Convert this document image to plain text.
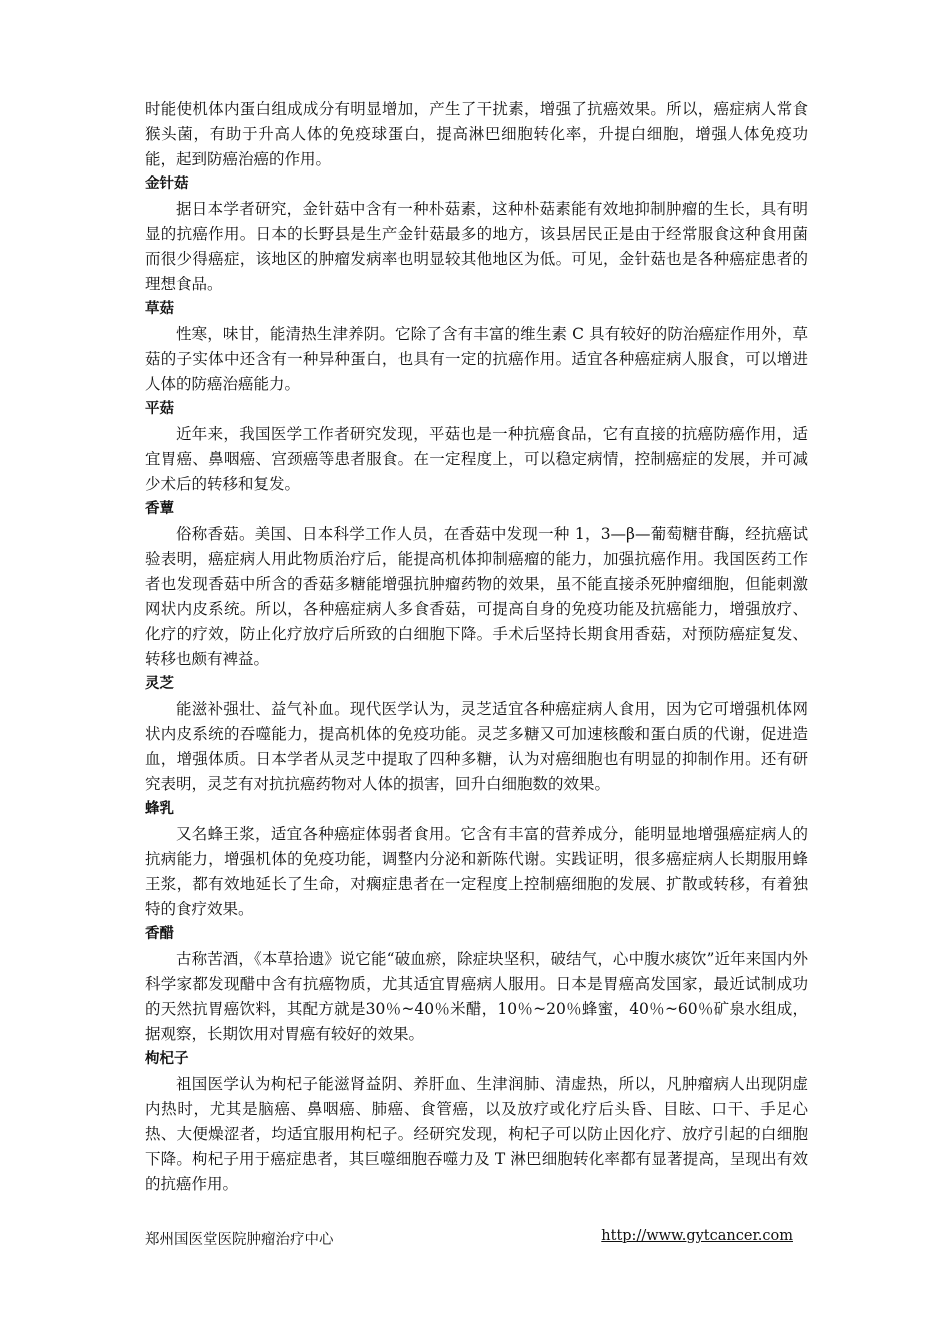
时能使机体内蛋白组成成分有明显增加，产生了干扰素，增强了抗癌效果。所以，癌症病人常食猴头菌，有助于升高人体的免疫球蛋白，提高淋巴细胞转化率，升提白细胞，增强人体免疫功能，起到防癌治癌的作用。

金针菇

据日本学者研究，金针菇中含有一种朴菇素，这种朴菇素能有效地抑制肿瘤的生长，具有明显的抗癌作用。日本的长野县是生产金针菇最多的地方，该县居民正是由于经常服食这种食用菌而很少得癌症，该地区的肿瘤发病率也明显较其他地区为低。可见，金针菇也是各种癌症患者的理想食品。

草菇

性寒，味甘，能清热生津养阴。它除了含有丰富的维生素 C 具有较好的防治癌症作用外，草菇的子实体中还含有一种异种蛋白，也具有一定的抗癌作用。适宜各种癌症病人服食，可以增进人体的防癌治癌能力。

平菇

近年来，我国医学工作者研究发现，平菇也是一种抗癌食品，它有直接的抗癌防癌作用，适宜胃癌、鼻咽癌、宫颈癌等患者服食。在一定程度上，可以稳定病情，控制癌症的发展，并可减少术后的转移和复发。

香蕈

俗称香菇。美国、日本科学工作人员，在香菇中发现一种 1，3—β—葡萄糖苷酶，经抗癌试验表明，癌症病人用此物质治疗后，能提高机体抑制癌瘤的能力，加强抗癌作用。我国医药工作者也发现香菇中所含的香菇多糖能增强抗肿瘤药物的效果，虽不能直接杀死肿瘤细胞，但能刺激网状内皮系统。所以，各种癌症病人多食香菇，可提高自身的免疫功能及抗癌能力，增强放疗、化疗的疗效，防止化疗放疗后所致的白细胞下降。手术后坚持长期食用香菇，对预防癌症复发、转移也颇有裨益。

灵芝

能滋补强壮、益气补血。现代医学认为，灵芝适宜各种癌症病人食用，因为它可增强机体网状内皮系统的吞噬能力，提高机体的免疫功能。灵芝多糖又可加速核酸和蛋白质的代谢，促进造血，增强体质。日本学者从灵芝中提取了四种多糖，认为对癌细胞也有明显的抑制作用。还有研究表明，灵芝有对抗抗癌药物对人体的损害，回升白细胞数的效果。

蜂乳

又名蜂王浆，适宜各种癌症体弱者食用。它含有丰富的营养成分，能明显地增强癌症病人的抗病能力，增强机体的免疫功能，调整内分泌和新陈代谢。实践证明，很多癌症病人长期服用蜂王浆，都有效地延长了生命，对瘸症患者在一定程度上控制癌细胞的发展、扩散或转移，有着独特的食疗效果。

香醋

古称苦酒，《本草拾遗》说它能“破血瘀，除症块坚积，破结气，心中腹水痰饮”近年来国内外科学家都发现醋中含有抗癌物质，尤其适宜胃癌病人服用。日本是胃癌高发国家，最近试制成功的天然抗胃癌饮料，其配方就是30％~40％米醋，10％~20％蜂蜜，40％~60％矿泉水组成，据观察，长期饮用对胃癌有较好的效果。

枸杞子

祖国医学认为枸杞子能滋肾益阴、养肝血、生津润肺、清虚热，所以，凡肿瘤病人出现阴虚内热时，尤其是脑癌、鼻咽癌、肺癌、食管癌，以及放疗或化疗后头昏、目眩、口干、手足心热、大便燥涩者，均适宜服用枸杞子。经研究发现，枸杞子可以防止因化疗、放疗引起的白细胞下降。枸杞子用于癌症患者，其巨噬细胞吞噬力及 T 淋巴细胞转化率都有显著提高，呈现出有效的抗癌作用。

郑州国医堂医院肿瘤治疗中心	http://www.gytcancer.com
